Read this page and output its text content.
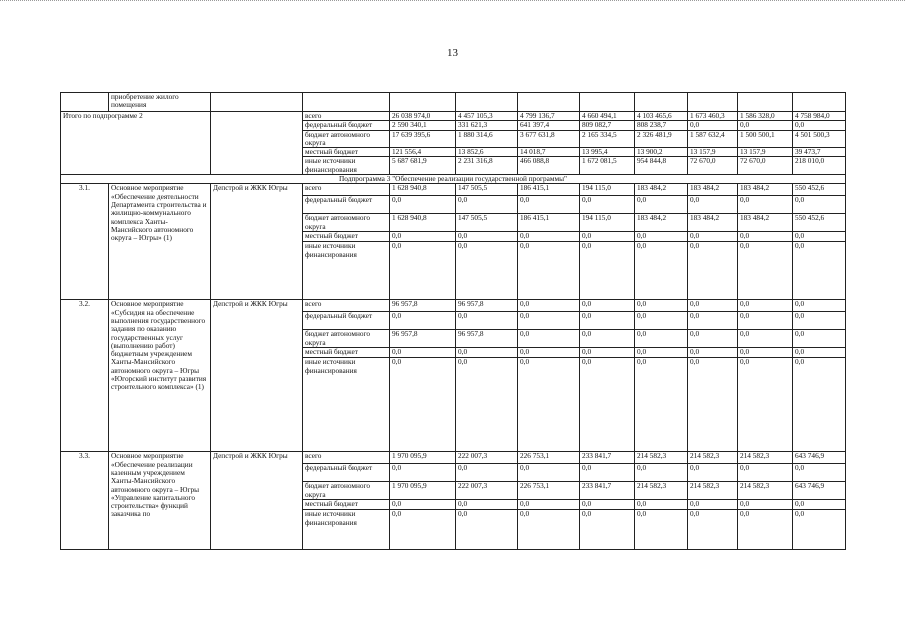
13
	приобретение жилого помещения										
Итого по подпрограмме 2			всего	26 038 974,0	4 457 105,3	4 799 136,7	4 660 494,1	4 103 465,6	1 673 460,3	1 586 328,0	4 758 984,0
			федеральный бюджет	2 590 340,1	331 621,3	641 397,4	809 082,7	808 238,7	0,0	0,0	0,0
			бюджет автономного округа	17 639 395,6	1 880 314,6	3 677 631,8	2 165 334,5	2 326 481,9	1 587 632,4	1 500 500,1	4 501 500,3
			местный бюджет	121 556,4	13 852,6	14 018,7	13 995,4	13 900,2	13 157,9	13 157,9	39 473,7
			иные источники финансирования	5 687 681,9	2 231 316,8	466 088,8	1 672 081,5	954 844,8	72 670,0	72 670,0	218 010,0
Подпрограмма 3 "Обеспечение реализации государственной программы"											
3.1.	Основное мероприятие «Обеспечение деятельности Департамента строительства и жилищно-коммунального комплекса Ханты-Мансийского автономного округа – Югры» (1)	Депстрой и ЖКК Югры	всего	1 628 940,8	147 505,5	186 415,1	194 115,0	183 484,2	183 484,2	183 484,2	550 452,6
			федеральный бюджет	0,0	0,0	0,0	0,0	0,0	0,0	0,0	0,0
			бюджет автономного округа	1 628 940,8	147 505,5	186 415,1	194 115,0	183 484,2	183 484,2	183 484,2	550 452,6
			местный бюджет	0,0	0,0	0,0	0,0	0,0	0,0	0,0	0,0
			иные источники финансирования	0,0	0,0	0,0	0,0	0,0	0,0	0,0	0,0
3.2.	Основное мероприятие «Субсидия на обеспечение выполнения государственного задания по оказанию государственных услуг (выполнению работ) бюджетным учреждением Ханты-Мансийского автономного округа – Югры «Югорский институт развития строительного комплекса» (1)	Депстрой и ЖКК Югры	всего	96 957,8	96 957,8	0,0	0,0	0,0	0,0	0,0	0,0
			федеральный бюджет	0,0	0,0	0,0	0,0	0,0	0,0	0,0	0,0
			бюджет автономного округа	96 957,8	96 957,8	0,0	0,0	0,0	0,0	0,0	0,0
			местный бюджет	0,0	0,0	0,0	0,0	0,0	0,0	0,0	0,0
			иные источники финансирования	0,0	0,0	0,0	0,0	0,0	0,0	0,0	0,0
3.3.	Основное мероприятие «Обеспечение реализации казенным учреждением Ханты-Мансийского автономного округа – Югры «Управление капитального строительства» функций заказчика по	Депстрой и ЖКК Югры	всего	1 970 095,9	222 007,3	226 753,1	233 841,7	214 582,3	214 582,3	214 582,3	643 746,9
			федеральный бюджет	0,0	0,0	0,0	0,0	0,0	0,0	0,0	0,0
			бюджет автономного округа	1 970 095,9	222 007,3	226 753,1	233 841,7	214 582,3	214 582,3	214 582,3	643 746,9
			местный бюджет	0,0	0,0	0,0	0,0	0,0	0,0	0,0	0,0
			иные источники финансирования	0,0	0,0	0,0	0,0	0,0	0,0	0,0	0,0
